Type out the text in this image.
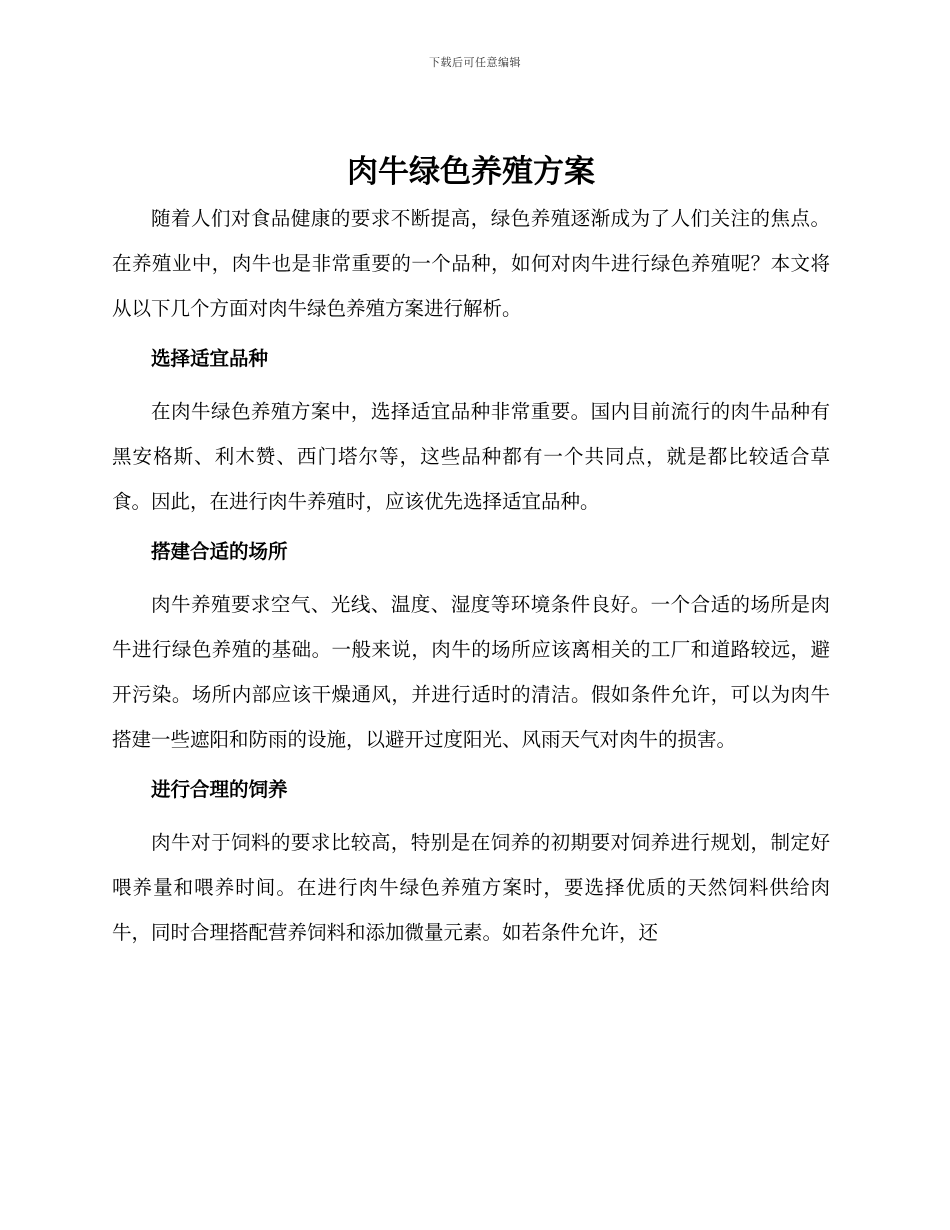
下载后可任意编辑
肉牛绿色养殖方案

随着人们对食品健康的要求不断提高，绿色养殖逐渐成为了人们关注的焦点。在养殖业中，肉牛也是非常重要的一个品种，如何对肉牛进行绿色养殖呢？本文将从以下几个方面对肉牛绿色养殖方案进行解析。

选择适宜品种

在肉牛绿色养殖方案中，选择适宜品种非常重要。国内目前流行的肉牛品种有黑安格斯、利木赞、西门塔尔等，这些品种都有一个共同点，就是都比较适合草食。因此，在进行肉牛养殖时，应该优先选择适宜品种。

搭建合适的场所

肉牛养殖要求空气、光线、温度、湿度等环境条件良好。一个合适的场所是肉牛进行绿色养殖的基础。一般来说，肉牛的场所应该离相关的工厂和道路较远，避开污染。场所内部应该干燥通风，并进行适时的清洁。假如条件允许，可以为肉牛搭建一些遮阳和防雨的设施，以避开过度阳光、风雨天气对肉牛的损害。

进行合理的饲养

肉牛对于饲料的要求比较高，特别是在饲养的初期要对饲养进行规划，制定好喂养量和喂养时间。在进行肉牛绿色养殖方案时，要选择优质的天然饲料供给肉牛，同时合理搭配营养饲料和添加微量元素。如若条件允许，还
